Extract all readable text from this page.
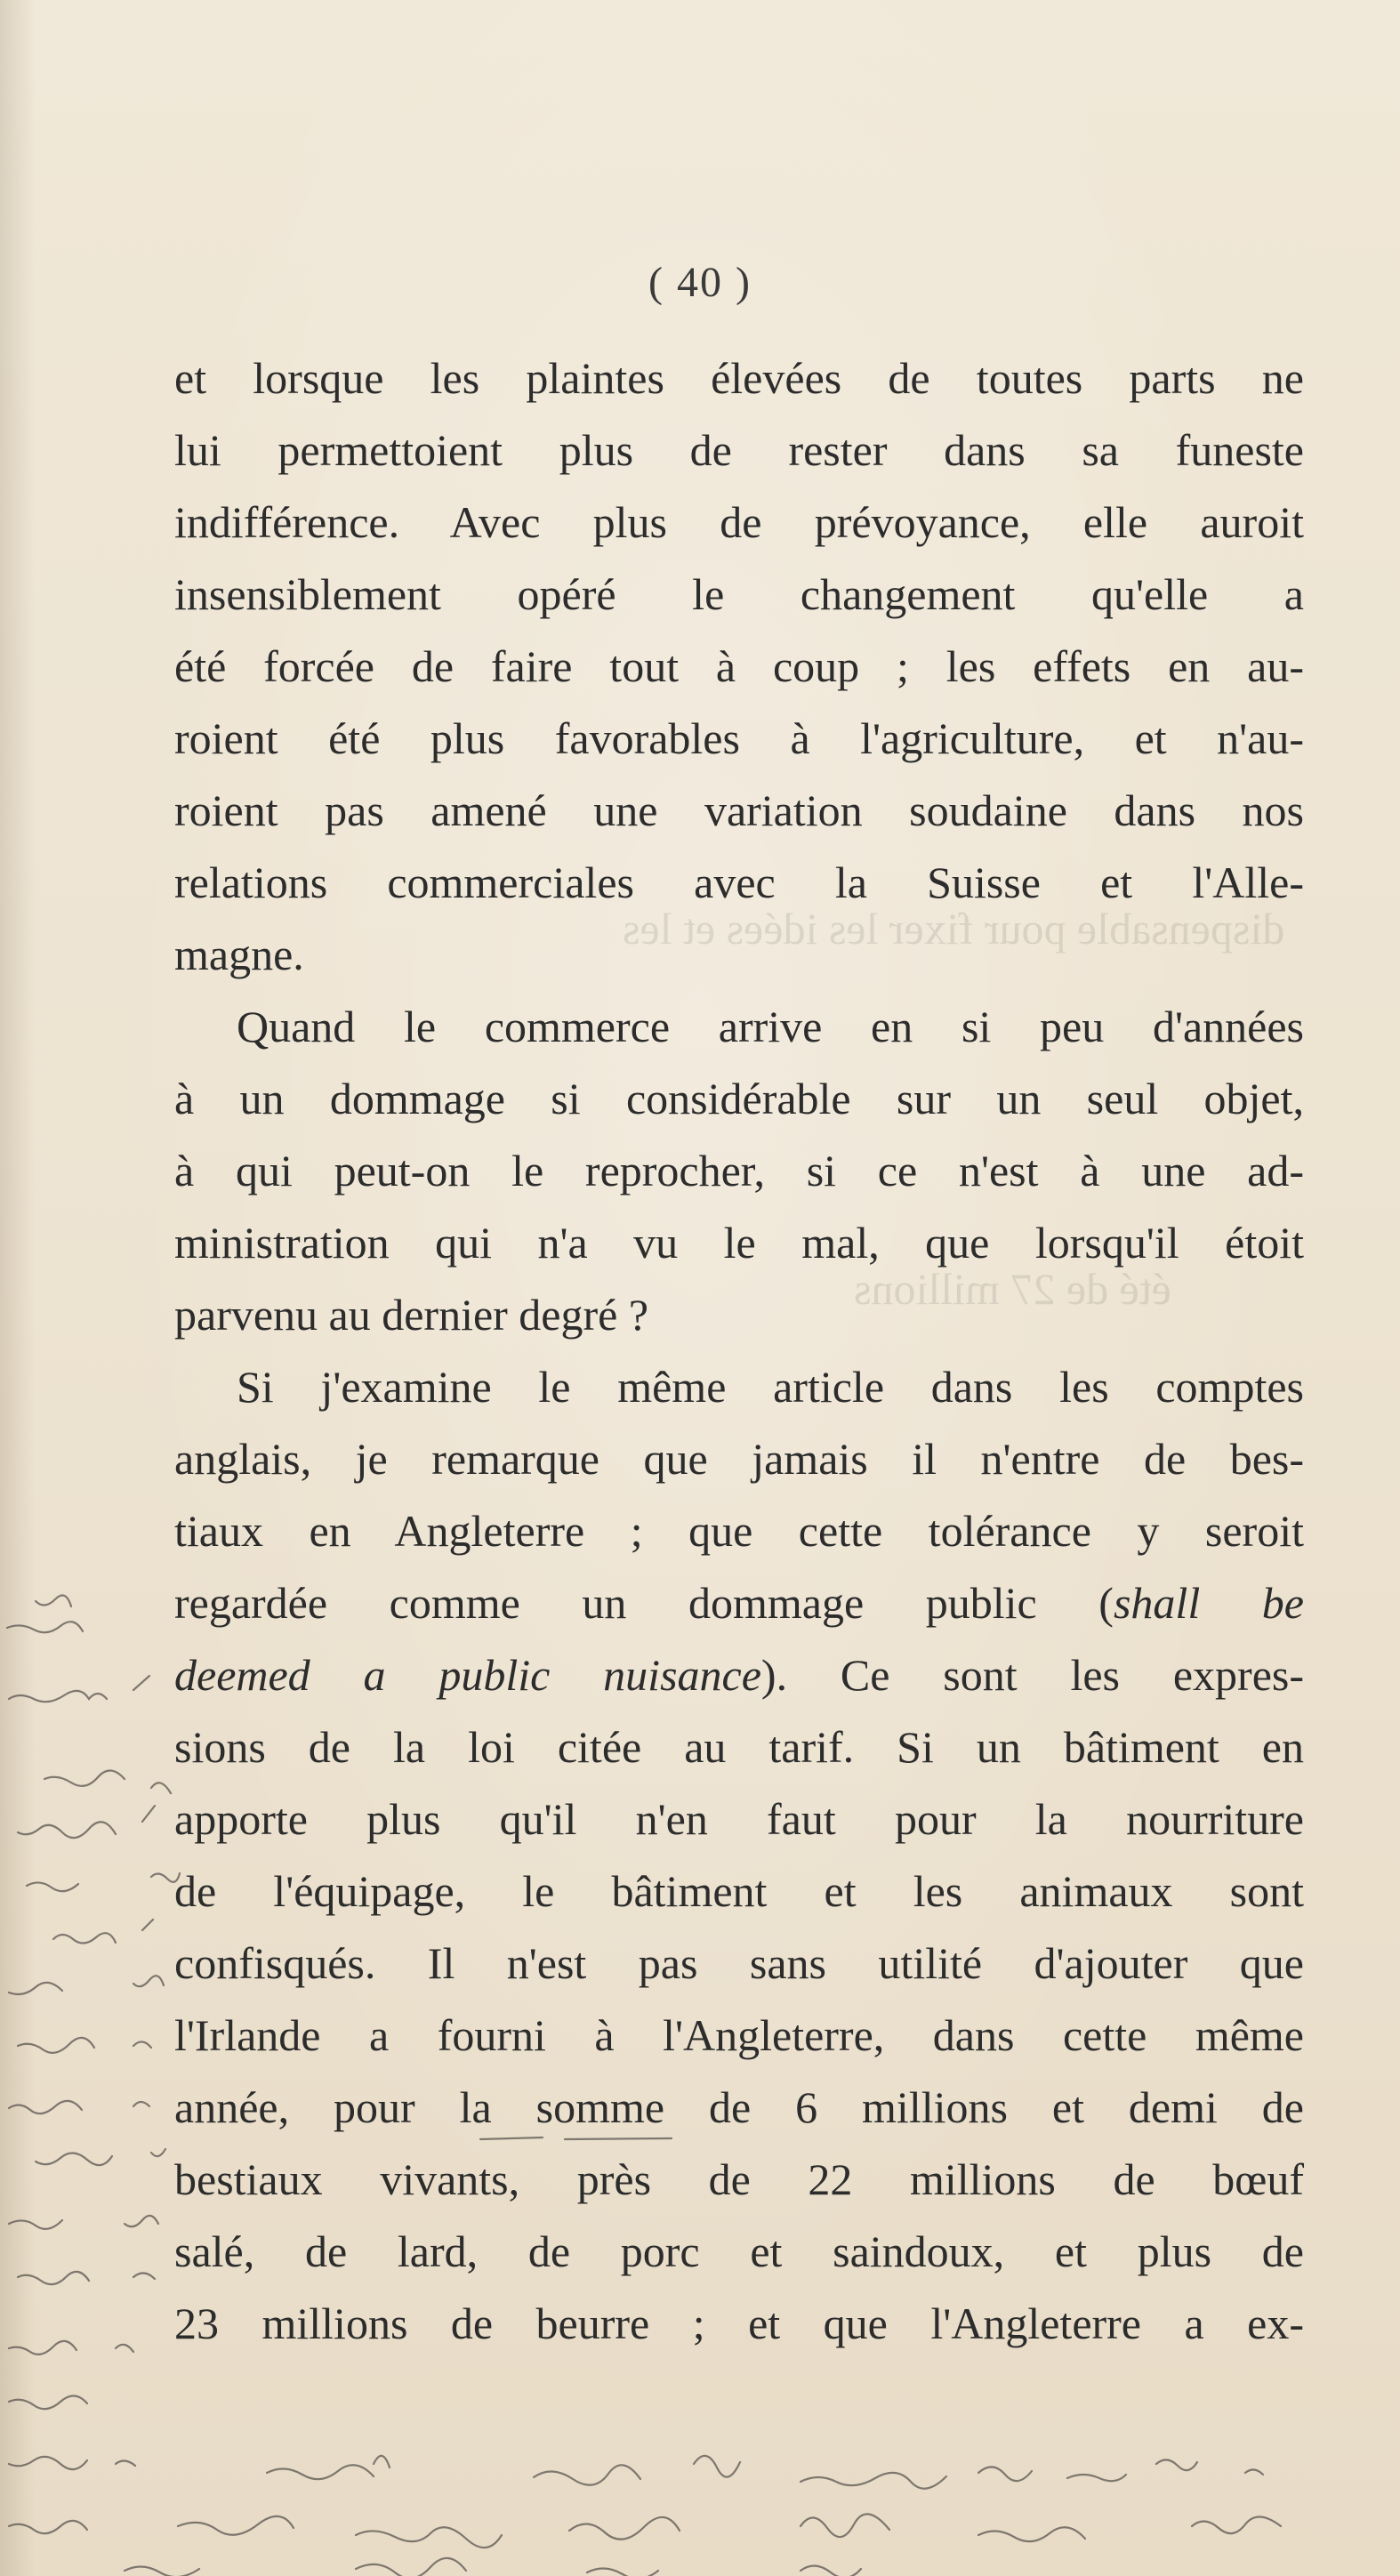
dispensable pour fixer les idées et les
été de 27 millions
( 40 )
et lorsque les plaintes élevées de toutes parts ne
lui permettoient plus de rester dans sa funeste
indifférence. Avec plus de prévoyance, elle auroit
insensiblement opéré le changement qu'elle a
été forcée de faire tout à coup ; les effets en au-
roient été plus favorables à l'agriculture, et n'au-
roient pas amené une variation soudaine dans nos
relations commerciales avec la Suisse et l'Alle-
magne.
Quand le commerce arrive en si peu d'années
à un dommage si considérable sur un seul objet,
à qui peut-on le reprocher, si ce n'est à une ad-
ministration qui n'a vu le mal, que lorsqu'il étoit
parvenu au dernier degré ?
Si j'examine le même article dans les comptes
anglais, je remarque que jamais il n'entre de bes-
tiaux en Angleterre ; que cette tolérance y seroit
regardée comme un dommage public (shall be
deemed a public nuisance). Ce sont les expres-
sions de la loi citée au tarif. Si un bâtiment en
apporte plus qu'il n'en faut pour la nourriture
de l'équipage, le bâtiment et les animaux sont
confisqués. Il n'est pas sans utilité d'ajouter que
l'Irlande a fourni à l'Angleterre, dans cette même
année, pour la somme de 6 millions et demi de
bestiaux vivants, près de 22 millions de bœuf
salé, de lard, de porc et saindoux, et plus de
23 millions de beurre ; et que l'Angleterre a ex-
